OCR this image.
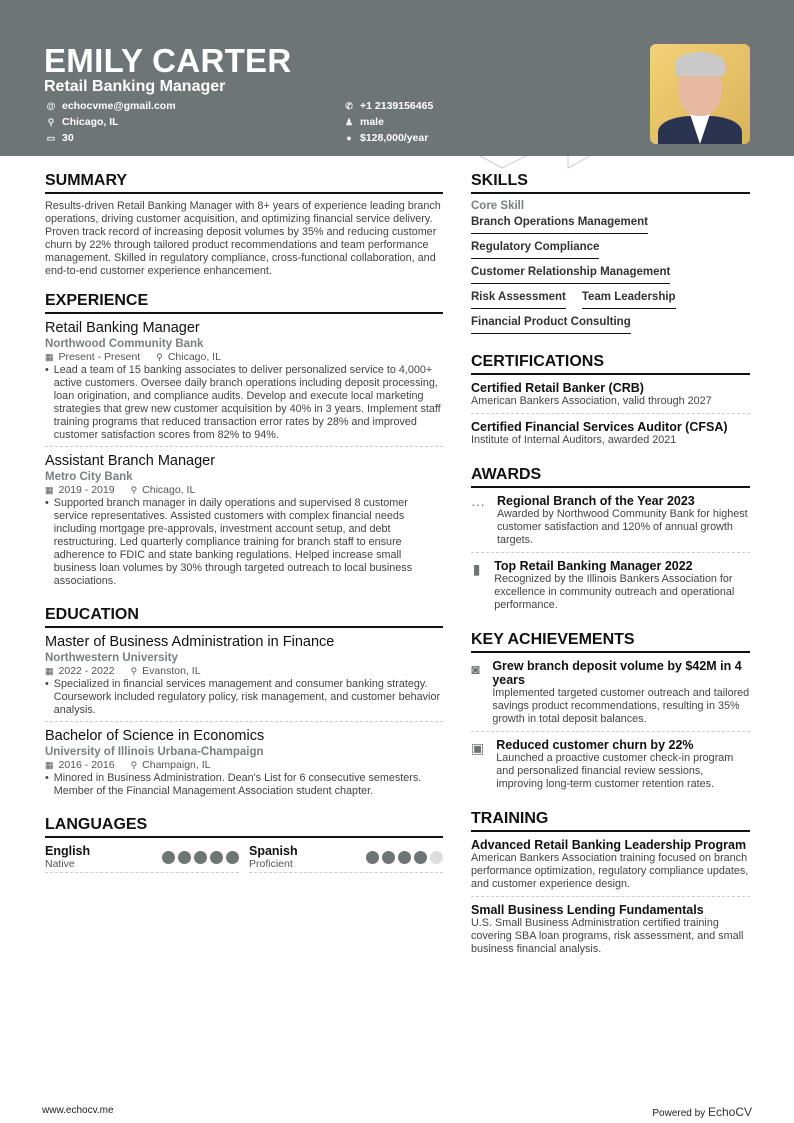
EMILY CARTER
Retail Banking Manager
@ echocvme@gmail.com
⚲ Chicago, IL
▭ 30
✆ +1 2139156465
♟ male
● $128,000/year
SUMMARY
Results-driven Retail Banking Manager with 8+ years of experience leading branch operations, driving customer acquisition, and optimizing financial service delivery. Proven track record of increasing deposit volumes by 35% and reducing customer churn by 22% through tailored product recommendations and team performance management. Skilled in regulatory compliance, cross-functional collaboration, and end-to-end customer experience enhancement.
EXPERIENCE
Retail Banking Manager
Northwood Community Bank
▦ Present - Present ⚲ Chicago, IL
• Lead a team of 15 banking associates to deliver personalized service to 4,000+ active customers. Oversee daily branch operations including deposit processing, loan origination, and compliance audits. Develop and execute local marketing strategies that grew new customer acquisition by 40% in 3 years. Implement staff training programs that reduced transaction error rates by 28% and improved customer satisfaction scores from 82% to 94%.
Assistant Branch Manager
Metro City Bank
▦ 2019 - 2019 ⚲ Chicago, IL
• Supported branch manager in daily operations and supervised 8 customer service representatives. Assisted customers with complex financial needs including mortgage pre-approvals, investment account setup, and debt restructuring. Led quarterly compliance training for branch staff to ensure adherence to FDIC and state banking regulations. Helped increase small business loan volumes by 30% through targeted outreach to local business associations.
EDUCATION
Master of Business Administration in Finance
Northwestern University
▦ 2022 - 2022 ⚲ Evanston, IL
• Specialized in financial services management and consumer banking strategy. Coursework included regulatory policy, risk management, and customer behavior analysis.
Bachelor of Science in Economics
University of Illinois Urbana-Champaign
▦ 2016 - 2016 ⚲ Champaign, IL
• Minored in Business Administration. Dean's List for 6 consecutive semesters. Member of the Financial Management Association student chapter.
LANGUAGES
English
Native
Spanish
Proficient
SKILLS
Core Skill
Branch Operations Management
Regulatory Compliance
Customer Relationship Management
Risk Assessment Team Leadership
Financial Product Consulting
CERTIFICATIONS
Certified Retail Banker (CRB)
American Bankers Association, valid through 2027
Certified Financial Services Auditor (CFSA)
Institute of Internal Auditors, awarded 2021
AWARDS
··· Regional Branch of the Year 2023
Awarded by Northwood Community Bank for highest customer satisfaction and 120% of annual growth targets.
▮ Top Retail Banking Manager 2022
Recognized by the Illinois Bankers Association for excellence in community outreach and operational performance.
KEY ACHIEVEMENTS
◙ Grew branch deposit volume by $42M in 4 years
Implemented targeted customer outreach and tailored savings product recommendations, resulting in 35% growth in total deposit balances.
▣ Reduced customer churn by 22%
Launched a proactive customer check-in program and personalized financial review sessions, improving long-term customer retention rates.
TRAINING
Advanced Retail Banking Leadership Program
American Bankers Association training focused on branch performance optimization, regulatory compliance updates, and customer experience design.
Small Business Lending Fundamentals
U.S. Small Business Administration certified training covering SBA loan programs, risk assessment, and small business financial analysis.
www.echocv.me	Powered by EchoCV
